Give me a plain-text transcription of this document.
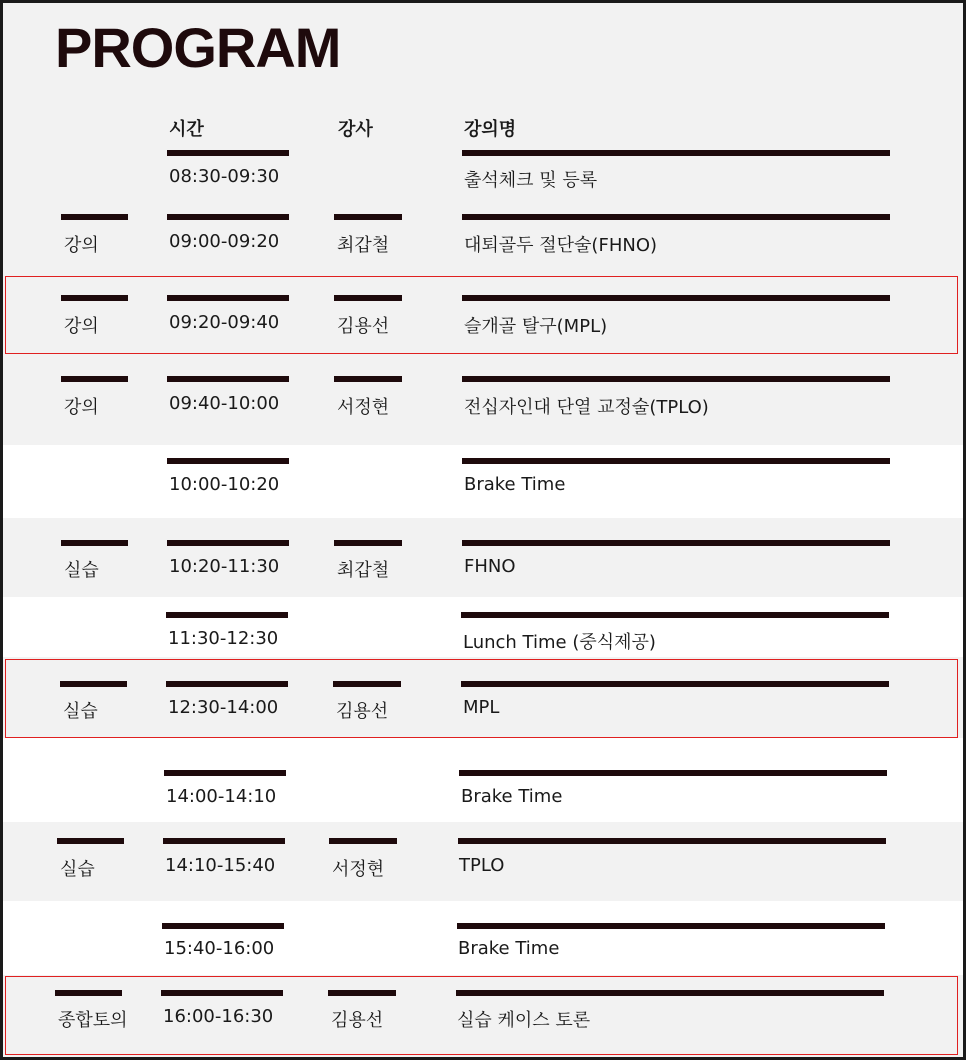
PROGRAM
시간	강사	강의명
08:30-09:30	출석체크 및 등록
강의	09:00-09:20	최갑철	대퇴골두 절단술(FHNO)
강의	09:20-09:40	김용선	슬개골 탈구(MPL)
강의	09:40-10:00	서정현	전십자인대 단열 교정술(TPLO)
10:00-10:20	Brake Time
실습	10:20-11:30	최갑철	FHNO
11:30-12:30	Lunch Time (중식제공)
실습	12:30-14:00	김용선	MPL
14:00-14:10	Brake Time
실습	14:10-15:40	서정현	TPLO
15:40-16:00	Brake Time
종합토의 16:00-16:30	김용선	실습 케이스 토론
